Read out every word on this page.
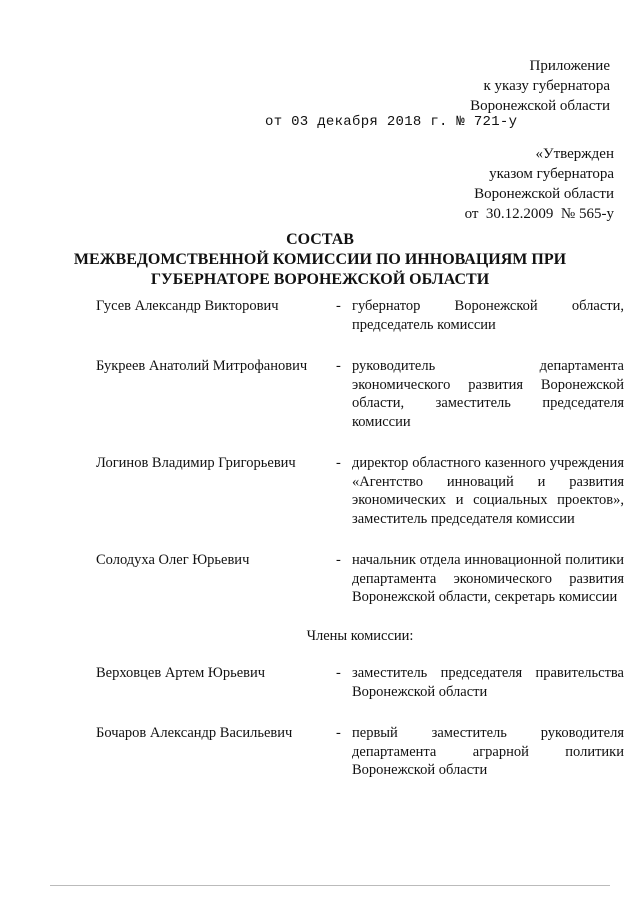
Приложение
к указу губернатора
Воронежской области
от 03 декабря 2018 г. № 721-у
«Утвержден
указом губернатора
Воронежской области
от  30.12.2009  № 565-у
СОСТАВ
МЕЖВЕДОМСТВЕННОЙ КОМИССИИ ПО ИННОВАЦИЯМ ПРИ
ГУБЕРНАТОРЕ ВОРОНЕЖСКОЙ ОБЛАСТИ
Гусев Александр Викторович	- губернатор Воронежской области, председатель комиссии
Букреев Анатолий Митрофанович	- руководитель департамента экономического развития Воронежской области, заместитель председателя комиссии
Логинов Владимир Григорьевич	- директор областного казенного учреждения «Агентство инноваций и развития экономических и социальных проектов», заместитель председателя комиссии
Солодуха Олег Юрьевич	- начальник отдела инновационной политики департамента экономического развития Воронежской области, секретарь комиссии
Члены комиссии:
Верховцев Артем Юрьевич	- заместитель председателя правительства Воронежской области
Бочаров Александр Васильевич	- первый заместитель руководителя департамента аграрной политики Воронежской области
